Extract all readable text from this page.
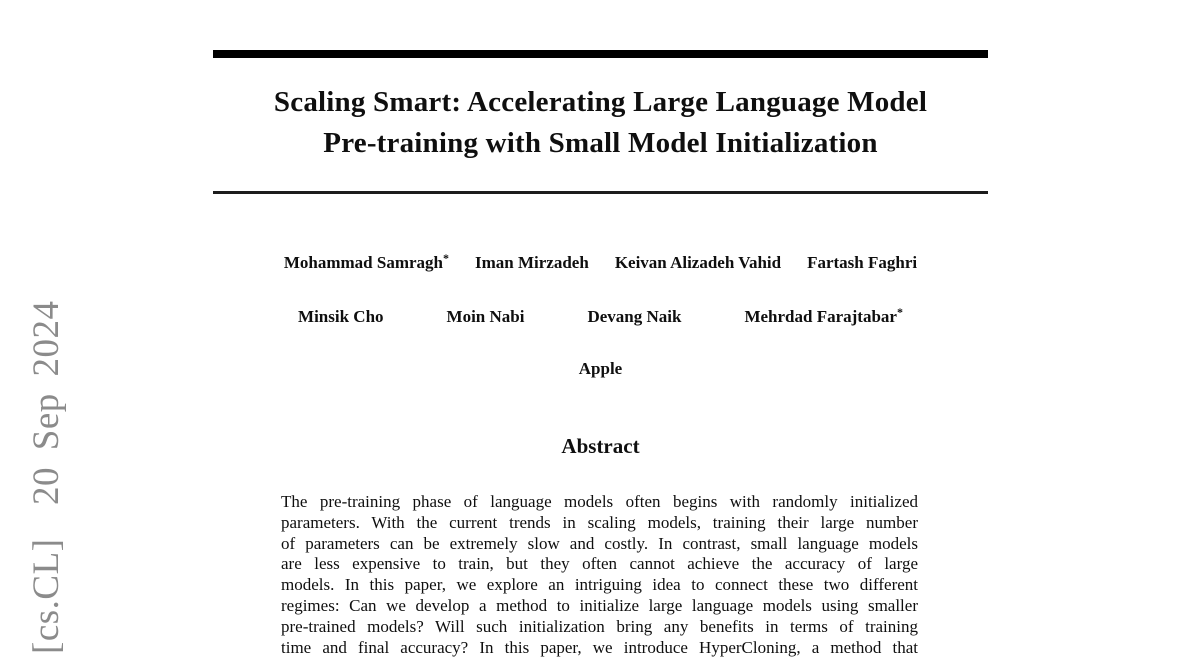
[cs.CL]  20 Sep 2024
Scaling Smart: Accelerating Large Language Model
Pre-training with Small Model Initialization
Mohammad Samragh* Iman Mirzadeh Keivan Alizadeh Vahid Fartash Faghri
Minsik Cho	Moin Nabi	Devang Naik	Mehrdad Farajtabar*
Apple
Abstract
The pre-training phase of language models often begins with randomly initialized
parameters. With the current trends in scaling models, training their large number
of parameters can be extremely slow and costly. In contrast, small language models
are less expensive to train, but they often cannot achieve the accuracy of large
models. In this paper, we explore an intriguing idea to connect these two different
regimes: Can we develop a method to initialize large language models using smaller
pre-trained models? Will such initialization bring any benefits in terms of training
time and final accuracy? In this paper, we introduce HyperCloning, a method that
